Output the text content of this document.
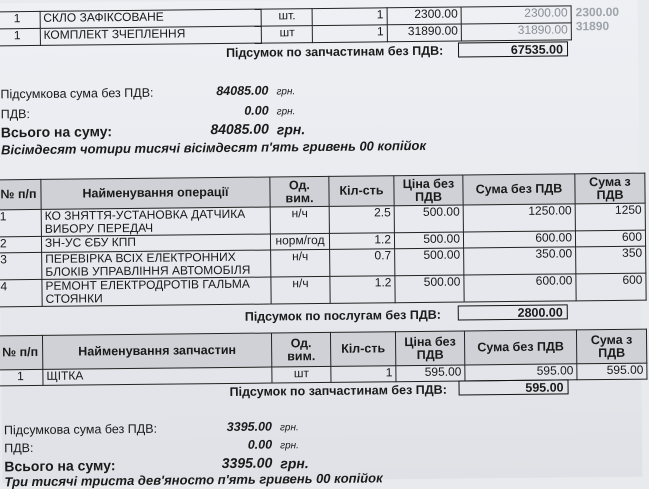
1	СКЛО ЗАФІКСОВАНЕ	шт.	1	2300.00	2300.00
1	КОМПЛЕКТ ЗЧЕПЛЕННЯ	шт	1	31890.00	31890.00
2300.00
31890
Підсумок по запчастинам без ПДВ:	67535.00
Підсумкова сума без ПДВ:	84085.00 грн.
ПДВ:	0.00 грн.
Всього на суму:	84085.00 грн.
Вісімдесят чотири тисячі вісімдесят п'ять гривень 00 копійок
№ п/п	Найменування операції	Од. вим.	Кіл-сть	Ціна без ПДВ	Сума без ПДВ	Сума з ПДВ
1	КО ЗНЯТТЯ-УСТАНОВКА ДАТЧИКА ВИБОРУ ПЕРЕДАЧ	н/ч	2.5	500.00	1250.00	1250
2	ЗН-УС ЄБУ КПП	норм/год	1.2	500.00	600.00	600
3	ПЕРЕВІРКА ВСІХ ЕЛЕКТРОННИХ БЛОКІВ УПРАВЛІННЯ АВТОМОБІЛЯ	н/ч	0.7	500.00	350.00	350
4	РЕМОНТ ЕЛЕКТРОДРОТІВ ГАЛЬМА СТОЯНКИ	н/ч	1.2	500.00	600.00	600
Підсумок по послугам без ПДВ:	2800.00
№ п/п	Найменування запчастин	Од. вим.	Кіл-сть	Ціна без ПДВ	Сума без ПДВ	Сума з ПДВ
1	ЩІТКА	шт	1	595.00	595.00	595.00
Підсумок по запчастинам без ПДВ:	595.00
Підсумкова сума без ПДВ:	3395.00 грн.
ПДВ:	0.00 грн.
Всього на суму:	3395.00 грн.
Три тисячі триста дев'яносто п'ять гривень 00 копійок
